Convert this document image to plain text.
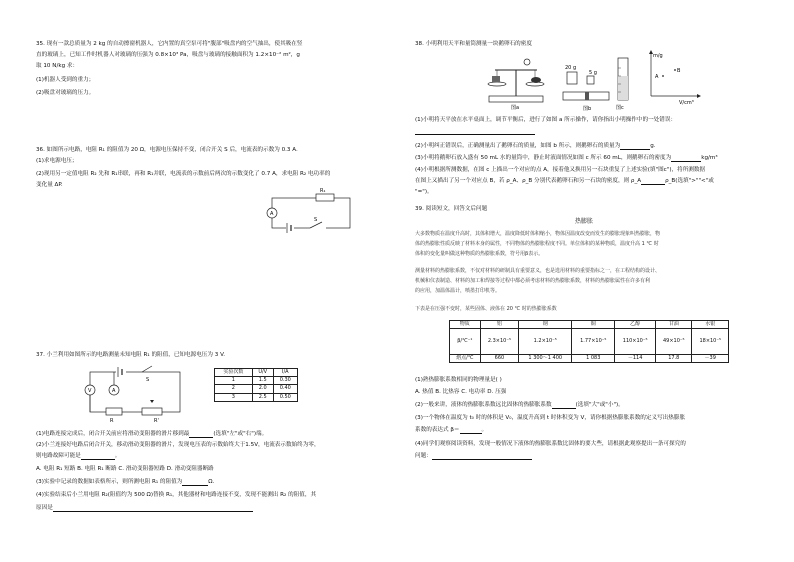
35. 现有一款总质量为 2 kg 的自动擦窗机器人，它内置的真空泵可将"腹部"吸盘内的空气抽出，使其吸在竖
直的玻璃上，已知工作时机器人对玻璃的压强为 0.8×10³ Pa，吸盘与玻璃的接触面积为 1.2×10⁻² m²，g
取 10 N/kg 求：
(1)机器人受到的重力；
(2)吸盘对玻璃的压力。
36. 如图所示电路，电阻 R₁ 的阻值为 20 Ω，电源电压保持不变，闭合开关 S 后，电流表的示数为 0.3 A.
(1)求电源电压；
(2)现用另一定值电阻 R₂ 先和 R₁串联，再和 R₁并联，电流表的示数前后两次的示数变化了 0.7 A，求电阻 R₂ 电功率的
变化量 ΔP.
R₁
A
S
37. 小兰利用如图所示的电路测量未知电阻 R₁ 的阻值，已知电源电压为 3 V.
S
V	A
R	R'
实验次数	U/V	I/A
1	1.5	0.30
2	2.0	0.40
3	2.5	0.50
(1)电路连接完成后，闭合开关前应将滑动变阻器的滑片移到最	(选填"左"或"右")端。
(2)小兰连接好电路后闭合开关，移动滑动变阻器的滑片，发现电压表的示数始终大于1.5V，电流表示数始终为零，
则电路故障可能是	。
A. 电阻 R₁ 短路 B. 电阻 R₁ 断路 C. 滑动变阻器短路 D. 滑动变阻器断路
(3)实验中记录的数据如表格所示，则所测电阻 R₁ 的阻值为	Ω.
(4)实验结束后小兰用电阻 R₂(阻值约为 500 Ω)替换 R₁，其他器材和电路连接不变，发现不能测出 R₂ 的阻值，其
原因是
38. 小明利用天平和量筒测量一块鹅卵石的密度
图a
20 g
5 g
图b	图c
m/g
V/cm³
A
B
(1)小明将天平放在水平桌面上，调节平衡后，进行了如图 a 所示操作，请你指出小明操作中的一处错误：
(2)小明纠正错误后，正确测量出了鹅卵石的质量，如图 b 所示，则鹅卵石的质量为	g.
(3)小明将鹅卵石放入盛有 50 mL 水的量筒中，静止时液面情况如图 c 所示 60 mL，则鹅卵石的密度为	kg/m³
(4)小明根据所测数据，在图 c 上描出一个对应的点 A，接着他又换用另一石块重复了上述实验(填"图c")，将所测数据
在图上又描出了另一个对应点 B，若 ρ_A、ρ_B 分别代表鹅卵石和另一石块的密度，则 ρ_A	ρ_B(选填">""<"或
"=")。
39. 阅读短文，回答文后问题
热膨胀
大多数物质在温度升高时，其体积增大，温度降低时体积缩小，物体因温度改变而发生的膨胀现象叫热膨胀，物
体的热膨胀性质反映了材料本身的属性，不同物体的热膨胀程度不同。单位体积的某种物质，温度升高 1 ℃ 时
体积的变化量叫做这种物质的热膨胀系数，符号用β表示。
测量材料的热膨胀系数，不仅对材料的研制具有重要意义，也是选用材料的重要指标之一，在工程结构的设计、
机械和仪表制造、材料的加工和焊接等过程中都必须考虑材料的热膨胀系数，材料的热膨胀属性在许多有利
的应用，加温体温计，喷墨打印机等。
下表是在压强不变时，某些固体、液体在 20 ℃ 时的热膨胀系数
物质	铝	钢	铜	乙醇	甘油	水银
β/℃⁻¹	2.3×10⁻⁵	1.2×10⁻⁵	1.77×10⁻⁵	110×10⁻⁵	49×10⁻⁵	18×10⁻⁵
熔点/℃	660	1 300～1 400	1 083	－114	17.8	－39
(1)熟热膨胀系数相同的物理量是( )
A. 热值 B. 比热容 C. 电功率 D. 压强
(2)一般来讲，液体的热膨胀系数远比固体的热膨胀系数	(选填"大"或"小")。
(3)一个物体在温度为 t₀ 时的体积是 V₀，温度升高到 t 时体积变为 V，请你根据热膨胀系数的定义写出热膨胀
系数的表达式 β＝	。
(4)同学们观察阅读资料，发现一般情况下液体的热膨胀系数比固体的要大些，请根据此观察提出一条可探究的
问题：
